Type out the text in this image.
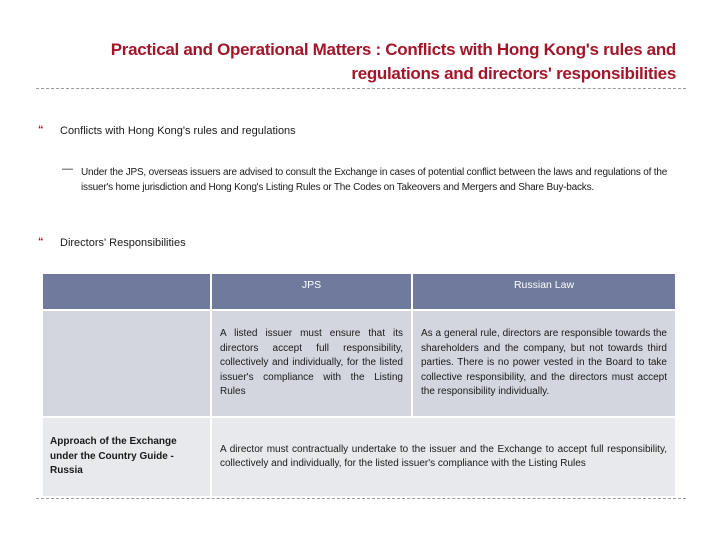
Practical and Operational Matters : Conflicts with Hong Kong's rules and
regulations and directors' responsibilities
“ Conflicts with Hong Kong's rules and regulations
— Under the JPS, overseas issuers are advised to consult the Exchange in cases of potential conflict between the laws and regulations of the issuer's home jurisdiction and Hong Kong's Listing Rules or The Codes on Takeovers and Mergers and Share Buy-backs.
“ Directors' Responsibilities
	JPS	Russian Law
	A listed issuer must ensure that its directors accept full responsibility, collectively and individually, for the listed issuer's compliance with the Listing Rules	As a general rule, directors are responsible towards the shareholders and the company, but not towards third parties. There is no power vested in the Board to take collective responsibility, and the directors must accept the responsibility individually.
Approach of the Exchange under the Country Guide - Russia	A director must contractually undertake to the issuer and the Exchange to accept full responsibility, collectively and individually, for the listed issuer's compliance with the Listing Rules	
